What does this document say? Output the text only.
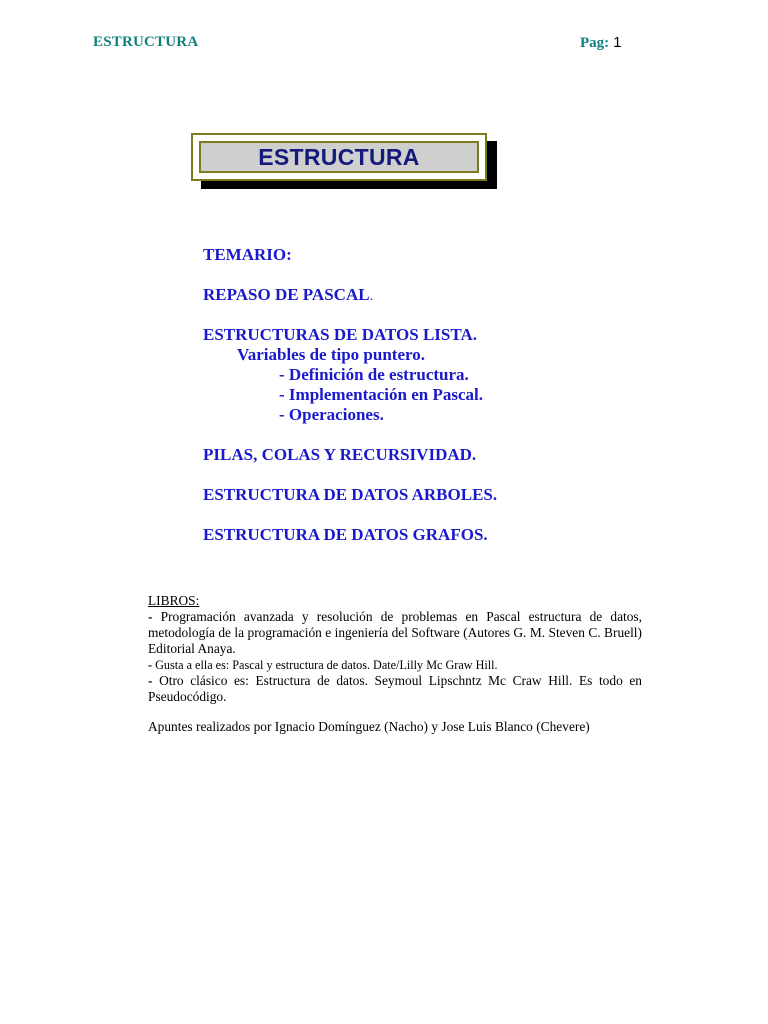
ESTRUCTURA	Pag: 1
ESTRUCTURA
TEMARIO:
REPASO DE PASCAL.
ESTRUCTURAS DE DATOS LISTA.
Variables de tipo puntero.
- Definición de estructura.
- Implementación en Pascal.
- Operaciones.
PILAS, COLAS Y RECURSIVIDAD.
ESTRUCTURA DE DATOS ARBOLES.
ESTRUCTURA DE DATOS GRAFOS.
LIBROS:
- Programación avanzada y resolución de problemas en Pascal estructura de datos, metodología de la programación e ingeniería del Software (Autores G. M. Steven C. Bruell) Editorial Anaya.
- Gusta a ella es: Pascal y estructura de datos. Date/Lilly Mc Graw Hill.
- Otro clásico es: Estructura de datos. Seymoul Lipschntz Mc Craw Hill. Es todo en Pseudocódigo.
Apuntes realizados por Ignacio Domínguez (Nacho) y Jose Luis Blanco (Chevere)
